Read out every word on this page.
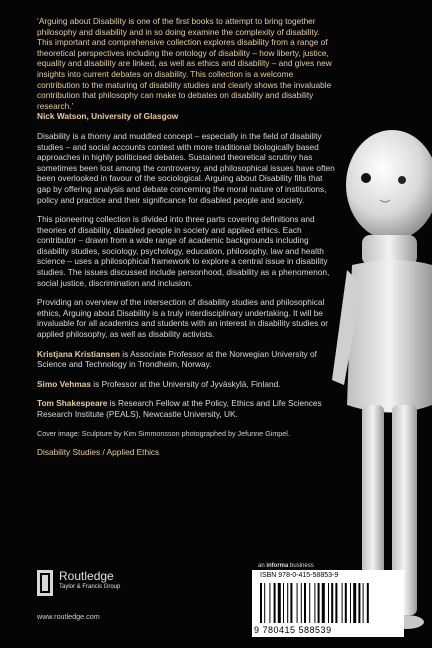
‘Arguing about Disability is one of the first books to attempt to bring together philosophy and disability and in so doing examine the complexity of disability. This important and comprehensive collection explores disability from a range of theoretical perspectives including the ontology of disability – how liberty, justice, equality and disability are linked, as well as ethics and disability – and gives new insights into current debates on disability. This collection is a welcome contribution to the maturing of disability studies and clearly shows the invaluable contribution that philosophy can make to debates on disability and disability research.’
Nick Watson, University of Glasgow

Disability is a thorny and muddled concept – especially in the field of disability studies – and social accounts contest with more traditional biologically based approaches in highly politicised debates. Sustained theoretical scrutiny has sometimes been lost among the controversy, and philosophical issues have often been overlooked in favour of the sociological. Arguing about Disability fills that gap by offering analysis and debate concerning the moral nature of institutions, policy and practice and their significance for disabled people and society.

This pioneering collection is divided into three parts covering definitions and theories of disability, disabled people in society and applied ethics. Each contributor – drawn from a wide range of academic backgrounds including disability studies, sociology, psychology, education, philosophy, law and health science – uses a philosophical framework to explore a central issue in disability studies. The issues discussed include personhood, disability as a phenomenon, social justice, discrimination and inclusion.

Providing an overview of the intersection of disability studies and philosophical ethics, Arguing about Disability is a truly interdisciplinary undertaking. It will be invaluable for all academics and students with an interest in disability studies or applied philosophy, as well as disability activists.

Kristjana Kristiansen is Associate Professor at the Norwegian University of Science and Technology in Trondheim, Norway.

Simo Vehmas is Professor at the University of Jyväskylä, Finland.

Tom Shakespeare is Research Fellow at the Policy, Ethics and Life Sciences Research Institute (PEALS), Newcastle University, UK.

Cover image: Sculpture by Kim Simmonsson photographed by Jefunne Gimpel.
Disability Studies / Applied Ethics
Routledge
Taylor & Francis Group
www.routledge.com
an informa business
ISBN 978-0-415-58853-9
9 780415 588539
